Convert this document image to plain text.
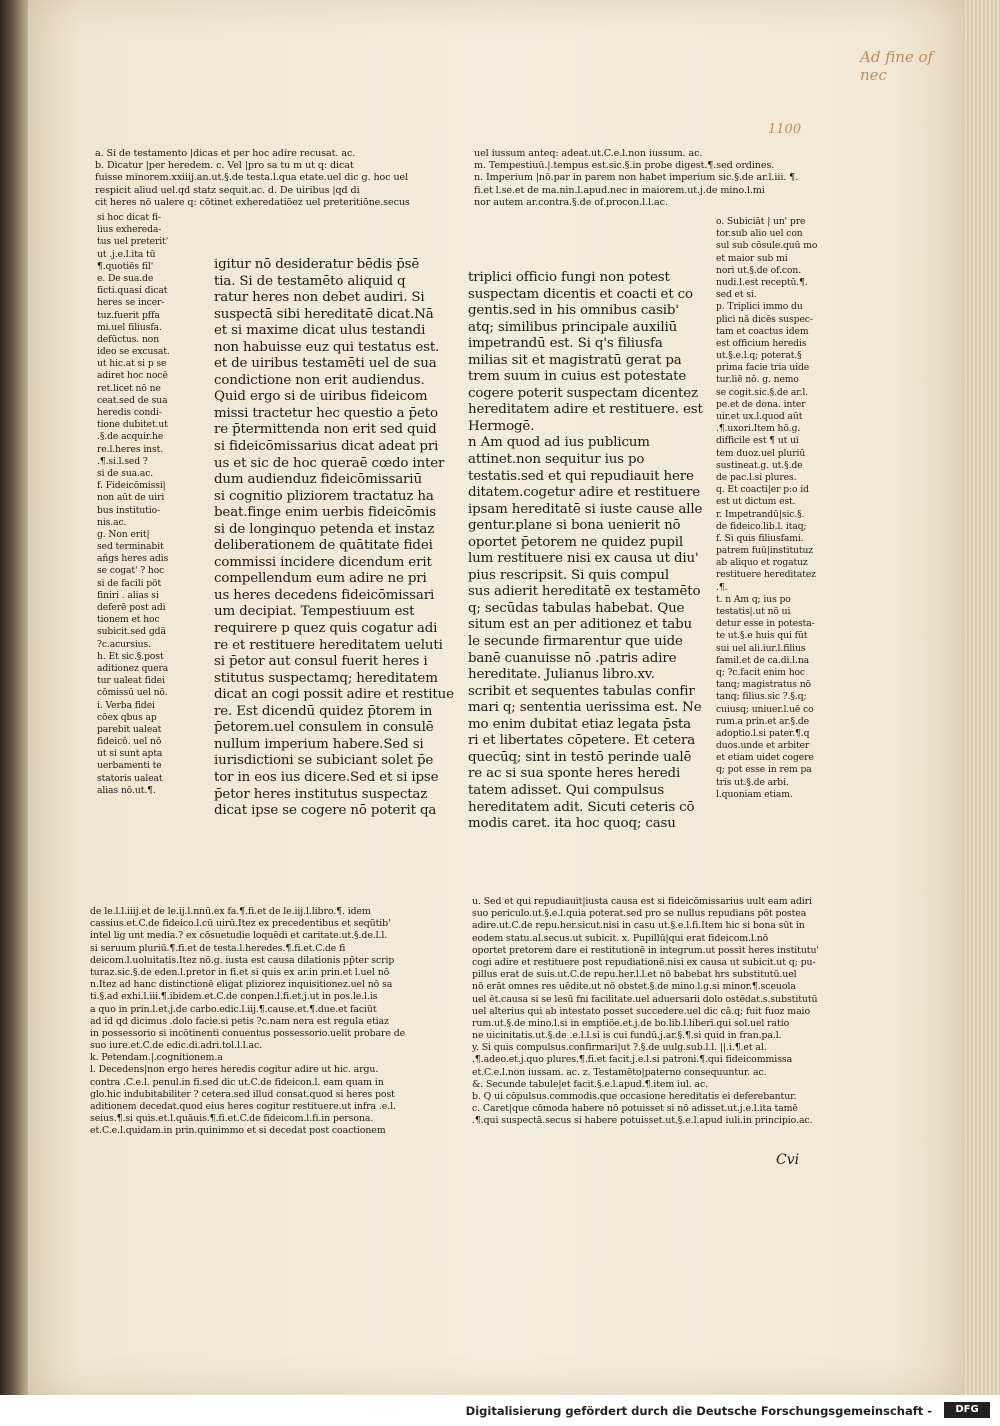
Ad fine of nec
1100
a. Si de testamento |dicas et per hoc adire recusat. ac.
b. Dicatur |per heredem. c. Vel |pro sa tu m ut q: dicat
fuisse minorem.xxiiij.an.ut.§.de testa.l.qua etate.uel dic g. hoc uel
respicit aliud uel.qd statz sequit.ac. d. De uiribus |qd di
cit heres nō ualere q: cōtinet exheredatiōez uel preteritiōne.secus
uel iussum anteq: adeat.ut.C.e.l.non iussum. ac.
m. Tempestiuū.|.tempus est.sic.§.in probe digest.¶.sed ordines.
n. Imperium |nō.par in parem non habet imperium sic.§.de ar.l.iii. ¶.
fi.et l.se.et de ma.nin.l.apud.nec in maiorem.ut.j.de mino.l.mi
nor autem ar.contra.§.de of.procon.l.l.ac.
si hoc dicat fi-
lius exhereda-
tus uel preterit'
ut .j.e.l.ita tū
¶.quotiēs fil'
e. De sua.de
ficti.quasi dicat
heres se incer-
tuz.fuerit pffa
mi.uel filiusfa.
defūctus. non
ideo se excusat.
ut hic.at si p se
adiret hoc nocē
ret.licet nō ne
ceat.sed de sua
heredis condi-
tione dubitet.ut
.§.de acquir.he
re.l.heres inst.
.¶.si.l.sed ?
si de sua.ac.
f. Fideicōmissi|
non aūt de uiri
bus institutio-
nis.ac.
g. Non erit|
sed terminabit
aňgs heres adis
se cogat' ? hoc
si de facili pōt
finiri . alias si
deferē post adi
tionem et hoc
subicit.sed gdā
?c.acursius.
h. Et sic.§.post
aditionez quera
tur ualeat fidei
cōmissū uel nō.
i. Verba fidei
cōex qbus ap
parebit ualeat
fideicō. uel nō
ut si sunt apta
uerbamenti te
statoris ualeat
alias nō.ut.¶.
igitur nō desideratur bēdis p̄sē
tia. Si de testamēto aliquid q
ratur heres non debet audiri. Si
suspectā sibi hereditatē dicat.Nā
et si maxime dicat ulus testandi
non habuisse euz qui testatus est.
et de uiribus testamēti uel de sua
condictione non erit audiendus.
Quid ergo si de uiribus fideicom
missi tractetur hec questio a p̄eto
re p̄termittenda non erit sed quid
si fideicōmissarius dicat adeat pri
us et sic de hoc queraē cœdo inter
dum audienduz fideicōmissariū
si cognitio pliziorem tractatuz ha
beat.finge enim uerbis fideicōmis
si de longinquo petenda et instaz
deliberationem de quātitate fidei
commissi incidere dicendum erit
compellendum eum adire ne pri
us heres decedens fideicōmissari
um decipiat. Tempestiuum est
requirere p quez quis cogatur adi
re et restituere hereditatem ueluti
si p̄etor aut consul fuerit heres i
stitutus suspectamq; hereditatem
dicat an cogi possit adire et restitue
re. Est dicendū quidez p̄torem in
p̄etorem.uel consulem in consulē
nullum imperium habere.Sed si
iurisdictioni se subiciant solet p̄e
tor in eos ius dicere.Sed et si ipse
p̄etor heres institutus suspectaz
dicat ipse se cogere nō poterit qa
triplici officio fungi non potest
suspectam dicentis et coacti et co
gentis.sed in his omnibus casib'
atq; similibus principale auxiliū
impetrandū est. Si q's filiusfa
milias sit et magistratū gerat pa
trem suum in cuius est potestate
cogere poterit suspectam dicentez
hereditatem adire et restituere. est
Hermogē.
n Am quod ad ius publicum
attinet.non sequitur ius po
testatis.sed et qui repudiauit here
ditatem.cogetur adire et restituere
ipsam hereditatē si iuste cause alle
gentur.plane si bona uenierit nō
oportet p̄etorem ne quidez pupil
lum restituere nisi ex causa ut diu'
pius rescripsit. Si quis compul
sus adierit hereditatē ex testamēto
q; secūdas tabulas habebat. Que
situm est an per aditionez et tabu
le secunde firmarentur que uide
banē cuanuisse nō .patris adire
hereditate. Julianus libro.xv.
scribit et sequentes tabulas confir
mari q; sententia uerissima est. Ne
mo enim dubitat etiaz legata p̄sta
ri et libertates cōpetere. Et cetera
quecūq; sint in testō perinde ualē
re ac si sua sponte heres heredi
tatem adisset. Qui compulsus
hereditatem adit. Sicuti ceteris cō
modis caret. ita hoc quoq; casu
o. Subiciāt | un' pre
tor.sub alio uel con
sul sub cōsule.quū mo
et maior sub mi
nori ut.§.de of.con.
nudi.l.est receptū.¶.
sed et si.
p. Triplici immo du
plici nā dicēs suspec-
tam et coactus idem
est officium heredis
ut.§.e.l.q; poterat.§
prima facie tria uide
tur.liē nō. g. nemo
se cogit.sic.§.de ar.l.
pe.et de dona. inter
uir.et ux.l.quod aūt
.¶.uxori.Item hō.g.
difficile est ¶ ut ui
tem duoz.uel pluriū
sustineat.g. ut.§.de
de pac.l.si plures.
q. Et coacti|er p:o id
est ut dictum est.
r. Impetrandū|sic.§.
de fideico.lib.l. itaq;
f. Si quis filiusfami.
patrem fuū|institutuz
ab aliquo et rogatuz
restituere hereditatez
.¶.
t. n Am q; ius po
testatis|.ut nō ui
detur esse in potesta-
te ut.§.e huis qui fūt
sui uel ali.iur.l.filius
famil.et de ca.di.l.na
q; ?c.facit enim hoc
tanq; magistratus nō
tanq; filius.sic ?.§.q;
cuiusq; uniuer.l.uē co
rum.a prin.et ar.§.de
adoptio.l.si pater.¶.q
duos.unde et arbiter
et etiam uidet cogere
q; pot esse in rem pa
tris ut.§.de arbi.
l.quoniam etiam.
de le.l.l.iiij.et de le.ij.l.nnū.ex fa.¶.fi.et de le.iij.l.libro.¶. idem
cassius.et.C.de fideico.l.cū uirū.Itez ex precedentibus et seqūtib'
intel lig unt media.? ex cōsuetudie loquēdi et caritate.ut.§.de.l.l.
si seruum pluriū.¶.fi.et de testa.l.heredes.¶.fi.et.C.de fi
deicom.l.uoluitatis.Itez nō.g. iusta est causa dilationis pp̄ter scrip
turaz.sic.§.de eden.l.pretor in fi.et si quis ex ar.in prin.et l.uel nō
n.Itez ad hanc distinctionē eligat pliziorez inquisitionez.uel nō sa
ti.§.ad exhi.l.iii.¶.ibidem.et.C.de conpen.l.fi.et.j.ut in pos.le.l.is
a quo in prin.l.et.j.de carbo.edic.l.iij.¶.cause.et.¶.due.et faciūt
ad id qd dicimus .dolo facie.si petis ?c.nam nera est regula etiaz
in possessorio si incōtinenti conuentus possessorio.uelit probare de
suo iure.et.C.de edic.di.adri.tol.l.l.ac.
k. Petendam.|.cognitionem.a
l. Decedens|non ergo heres heredis cogitur adire ut hic. argu.
contra .C.e.l. penul.in fi.sed dic ut.C.de fideicon.l. eam quam in
glo.hic indubitabiliter ? cetera.sed illud consat.quod si heres post
aditionem decedat.quod eius heres cogitur restituere.ut infra .e.l.
seius.¶.si quis.et.l.quāuis.¶.fi.et.C.de fideicom.l.fi.in persona.
et.C.e.l.quidam.in prin.quinimmo et si decedat post coactionem
u. Sed et qui repudiauit|iusta causa est si fideicōmissarius uult eam adiri
suo periculo.ut.§.e.l.quia poterat.sed pro se nullus repudians pōt postea
adire.ut.C.de repu.her.sicut.nisi in casu ut.§.e.l.fi.Item hic si bona sūt in
eodem statu.al.secus.ut subicit. x. Pupillū|qui erat fideicom.l.nō
oportet pretorem dare ei restitutionē in integrum.ut possit heres institutu'
cogi adire et restituere post repudiationē.nisi ex causa ut subicit.ut q; pu-
pillus erat de suis.ut.C.de repu.her.l.l.et nō babebat hrs substitutū.uel
nō erāt omnes res uēdite.ut nō obstet.§.de mino.l.g.si minor.¶.sceuola
uel ēt.causa si se lesū fni facilitate.uel aduersarii dolo ostēdat.s.substitutū
uel alterius qui ab intestato posset succedere.uel dic cā.q; fuit fuoz maio
rum.ut.§.de mino.l.si in emptiōe.et.j.de bo.lib.l.liberī.qui sol.uel ratio
ne uicinitatis.ut.§.de .e.l.l.si is cui fundū.j.ar.§.¶.si quid in fran.pa.l.
y. Si quis compulsus.confirmari|ut ?.§.de uulg.sub.l.l. ||.i.¶.et al.
.¶.adeo.et.j.quo plures.¶.fi.et facit.j.e.l.si patroni.¶.qui fideicommissa
et.C.e.l.non iussam. ac. z. Testamēto|paterno consequuntur. ac.
&. Secunde tabule|et facit.§.e.l.apud.¶.item iul. ac.
b. Q ui cōpulsus.commodis.que occasione hereditatis ei deferebantur.
c. Caret|que cōmoda habere nō potuisset si nō adisset.ut.j.e.l.ita tamē
.¶.qui suspectā.secus si habere potuisset.ut.§.e.l.apud iuli.in principio.ac.
Cvi
Digitalisierung gefördert durch die Deutsche Forschungsgemeinschaft -	DFG
